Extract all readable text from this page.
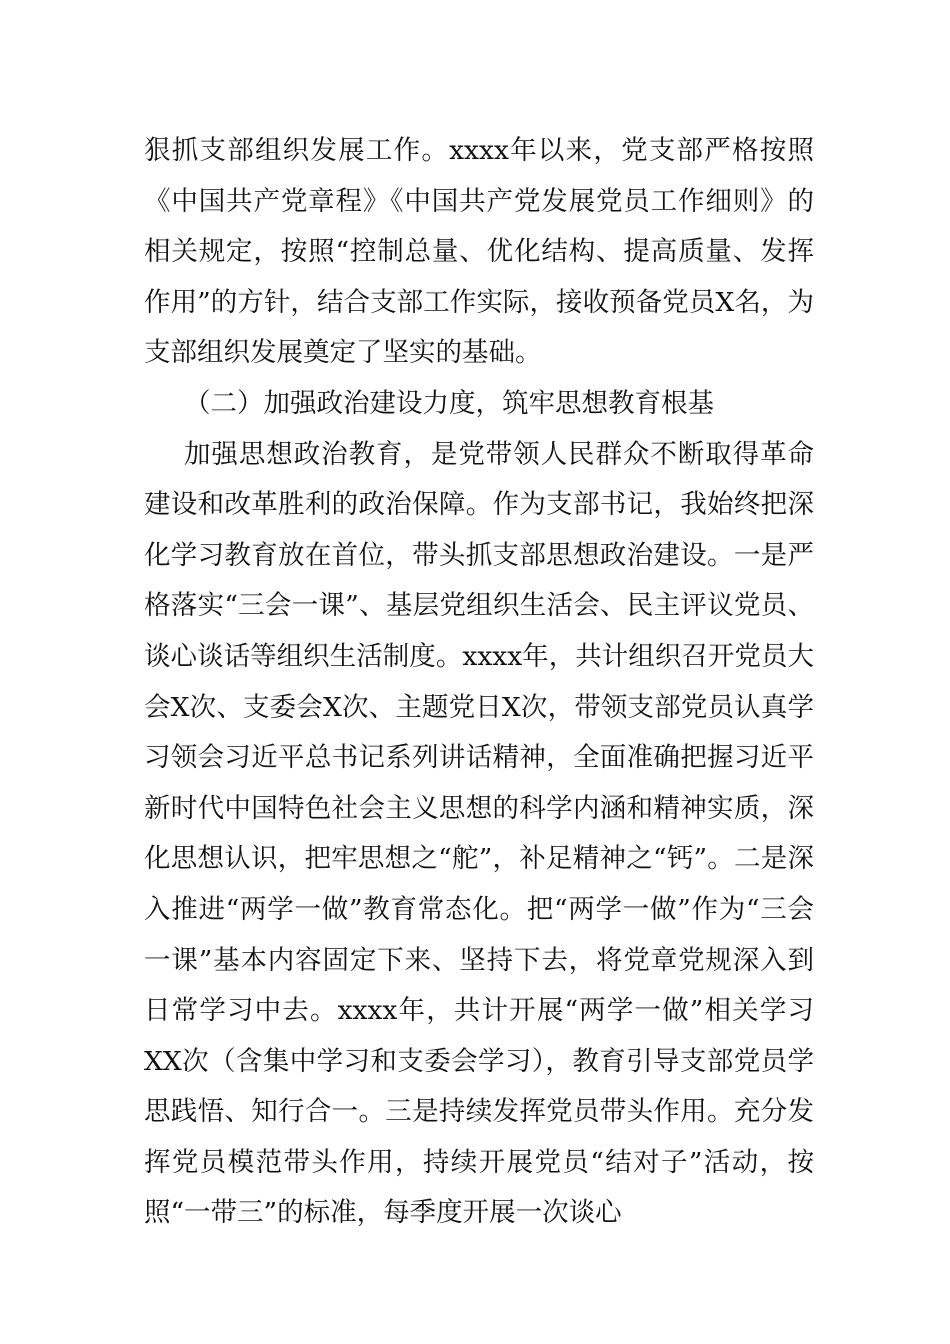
狠抓支部组织发展工作。xxxx年以来，党支部严格按照《中国共产党章程》《中国共产党发展党员工作细则》的相关规定，按照“控制总量、优化结构、提高质量、发挥作用”的方针，结合支部工作实际，接收预备党员X名，为支部组织发展奠定了坚实的基础。

（二）加强政治建设力度，筑牢思想教育根基

加强思想政治教育，是党带领人民群众不断取得革命建设和改革胜利的政治保障。作为支部书记，我始终把深化学习教育放在首位，带头抓支部思想政治建设。一是严格落实“三会一课”、基层党组织生活会、民主评议党员、谈心谈话等组织生活制度。xxxx年，共计组织召开党员大会X次、支委会X次、主题党日X次，带领支部党员认真学习领会习近平总书记系列讲话精神，全面准确把握习近平新时代中国特色社会主义思想的科学内涵和精神实质，深化思想认识，把牢思想之“舵”，补足精神之“钙”。二是深入推进“两学一做”教育常态化。把“两学一做”作为“三会一课”基本内容固定下来、坚持下去，将党章党规深入到日常学习中去。xxxx年，共计开展“两学一做”相关学习XX次（含集中学习和支委会学习），教育引导支部党员学思践悟、知行合一。三是持续发挥党员带头作用。充分发挥党员模范带头作用，持续开展党员“结对子”活动，按照“一带三”的标准，每季度开展一次谈心
